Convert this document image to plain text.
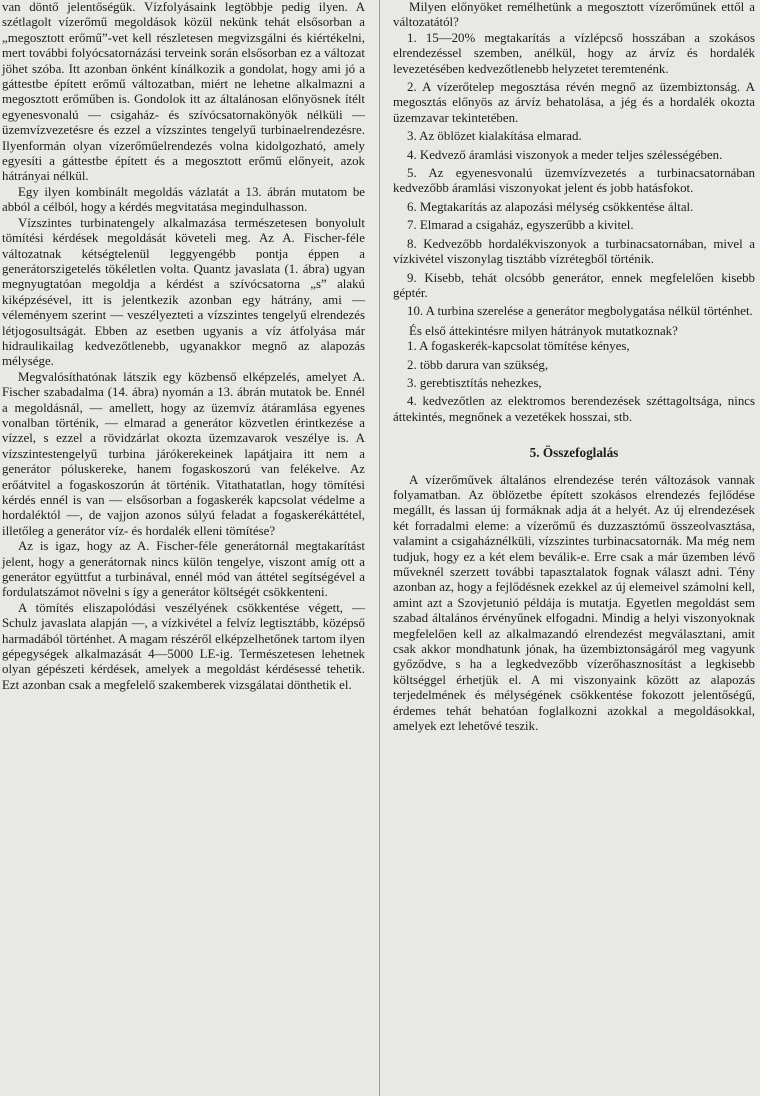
van döntő jelentőségük. Vízfolyásaink legtöbbje pedig ilyen. A szétlagolt vízerőmű megoldások közül nekünk tehát elsősorban a „megosztott erőmű”-vet kell részletesen megvizsgálni és kiértékelni, mert további folyócsatornázási terveink során elsősorban ez a változat jöhet szóba. Itt azonban önként kínálkozik a gondolat, hogy ami jó a gáttestbe épített erőmű változatban, miért ne lehetne alkalmazni a megosztott erőműben is. Gondolok itt az általánosan előnyösnek ítélt egyenesvonalú — csigaház- és szívócsatornakönyök nélküli — üzemvízvezetésre és ezzel a vízszintes tengelyű turbinaelrendezésre. Ilyenformán olyan vízerőműelrendezés volna kidolgozható, amely egyesíti a gáttestbe épített és a megosztott erőmű előnyeit, azok hátrányai nélkül.

Egy ilyen kombinált megoldás vázlatát a 13. ábrán mutatom be abból a célból, hogy a kérdés megvitatása megindulhasson.

Vízszintes turbinatengely alkalmazása természetesen bonyolult tömítési kérdések megoldását követeli meg. Az A. Fischer-féle változatnak kétségtelenül leggyengébb pontja éppen a generátorszigetelés tökéletlen volta. Quantz javaslata (1. ábra) ugyan megnyugtatóan megoldja a kérdést a szívócsatorna „s” alakú kiképzésével, itt is jelentkezik azonban egy hátrány, ami — véleményem szerint — veszélyezteti a vízszintes tengelyű elrendezés létjogosultságát. Ebben az esetben ugyanis a víz átfolyása már hidraulikailag kedvezőtlenebb, ugyanakkor megnő az alapozás mélysége.

Megvalósíthatónak látszik egy közbenső elképzelés, amelyet A. Fischer szabadalma (14. ábra) nyomán a 13. ábrán mutatok be. Ennél a megoldásnál, — amellett, hogy az üzemvíz átáramlása egyenes vonalban történik, — elmarad a generátor közvetlen érintkezése a vízzel, s ezzel a rövidzárlat okozta üzemzavarok veszélye is. A vízszintestengelyű turbina járókerekeinek lapátjaira itt nem a generátor póluskereke, hanem fogaskoszorú van felékelve. Az erőátvitel a fogaskoszorún át történik. Vitathatatlan, hogy tömítési kérdés ennél is van — elsősorban a fogaskerék kapcsolat védelme a hordaléktól —, de vajjon azonos súlyú feladat a fogaskerékáttétel, illetőleg a generátor víz- és hordalék elleni tömítése?

Az is igaz, hogy az A. Fischer-féle generátornál megtakarítást jelent, hogy a generátornak nincs külön tengelye, viszont amíg ott a generátor együttfut a turbinával, ennél mód van áttétel segítségével a fordulatszámot növelni s így a generátor költségét csökkenteni.

A tömítés eliszapolódási veszélyének csökkentése végett, — Schulz javaslata alapján —, a vízkivétel a felvíz legtisztább, középső harmadából történhet. A magam részéről elképzelhetőnek tartom ilyen gépegységek alkalmazását 4—5000 LE-ig. Természetesen lehetnek olyan gépészeti kérdések, amelyek a megoldást kérdésessé tehetik. Ezt azonban csak a megfelelő szakemberek vizsgálatai dönthetik el.

Milyen előnyöket remélhetünk a megosztott vízerőműnek ettől a változatától?

1. 15—20% megtakarítás a vízlépcső hosszában a szokásos elrendezéssel szemben, anélkül, hogy az árvíz és hordalék levezetésében kedvezőtlenebb helyzetet teremtenénk.
2. A vízerőtelep megosztása révén megnő az üzembiztonság. A megosztás előnyös az árvíz behatolása, a jég és a hordalék okozta üzemzavar tekintetében.
3. Az öblözet kialakítása elmarad.
4. Kedvező áramlási viszonyok a meder teljes szélességében.
5. Az egyenesvonalú üzemvízvezetés a turbinacsatornában kedvezőbb áramlási viszonyokat jelent és jobb hatásfokot.
6. Megtakarítás az alapozási mélység csökkentése által.
7. Elmarad a csigaház, egyszerűbb a kivitel.
8. Kedvezőbb hordalékviszonyok a turbinacsatornában, mivel a vízkivétel viszonylag tisztább vízrétegből történik.
9. Kisebb, tehát olcsóbb generátor, ennek megfelelően kisebb géptér.
10. A turbina szerelése a generátor megbolygatása nélkül történhet.

És első áttekintésre milyen hátrányok mutatkoznak?

1. A fogaskerék-kapcsolat tömítése kényes,
2. több darura van szükség,
3. gerebtisztítás nehezkes,
4. kedvezőtlen az elektromos berendezések széttagoltsága, nincs áttekintés, megnőnek a vezetékek hosszai, stb.
5. Összefoglalás

A vízerőművek általános elrendezése terén változások vannak folyamatban. Az öblözetbe épített szokásos elrendezés fejlődése megállt, és lassan új formáknak adja át a helyét. Az új elrendezések két forradalmi eleme: a vízerőmű és duzzasztómű összeolvasztása, valamint a csigaháznélküli, vízszintes turbinacsatornák. Ma még nem tudjuk, hogy ez a két elem beválik-e. Erre csak a már üzemben lévő műveknél szerzett további tapasztalatok fognak választ adni. Tény azonban az, hogy a fejlődésnek ezekkel az új elemeivel számolni kell, amint azt a Szovjetunió példája is mutatja. Egyetlen megoldást sem szabad általános érvényűnek elfogadni. Mindig a helyi viszonyoknak megfelelően kell az alkalmazandó elrendezést megválasztani, amit csak akkor mondhatunk jónak, ha üzembiztonságáról meg vagyunk győződve, s ha a legkedvezőbb vízerőhasznosítást a legkisebb költséggel érhetjük el. A mi viszonyaink között az alapozás terjedelmének és mélységének csökkentése fokozott jelentőségű, érdemes tehát behatóan foglalkozni azokkal a megoldásokkal, amelyek ezt lehetővé teszik.
